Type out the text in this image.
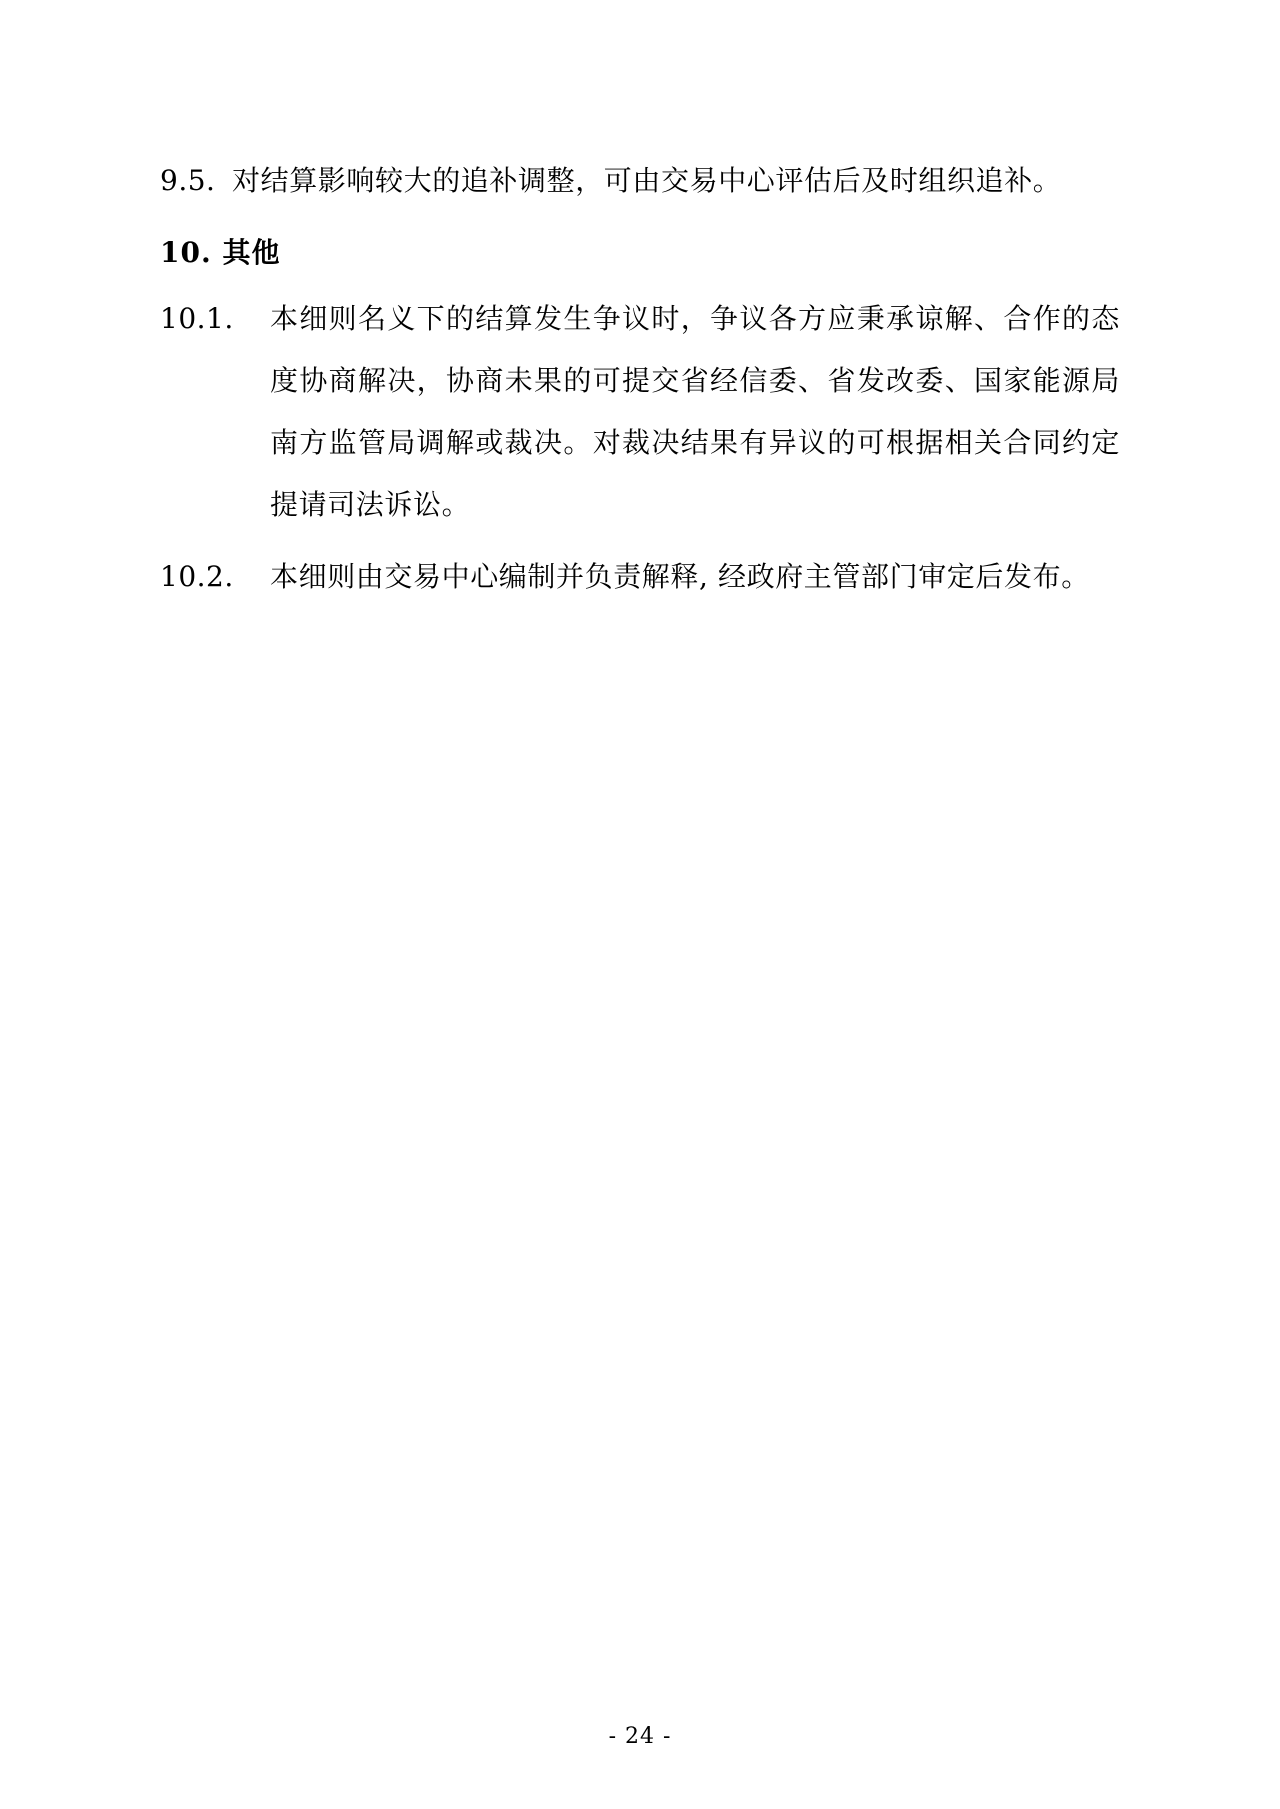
9.5. 对结算影响较大的追补调整，可由交易中心评估后及时组织追补。
10. 其他
10.1.	本细则名义下的结算发生争议时，争议各方应秉承谅解、合作的态度协商解决，协商未果的可提交省经信委、省发改委、国家能源局南方监管局调解或裁决。对裁决结果有异议的可根据相关合同约定提请司法诉讼。
10.2.	本细则由交易中心编制并负责解释, 经政府主管部门审定后发布。
- 24 -
